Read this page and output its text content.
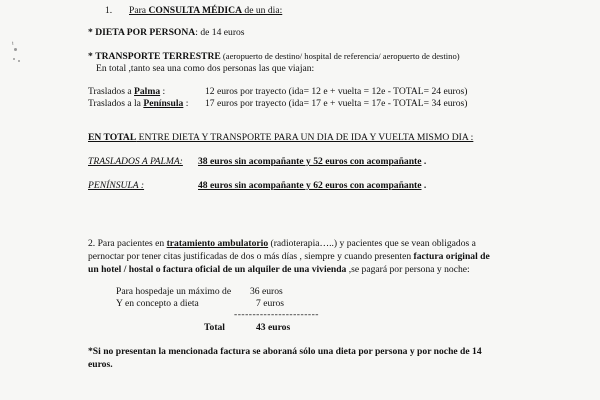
ⁱ
1. Para CONSULTA MÉDICA de un dia:
* DIETA POR PERSONA: de 14 euros
* TRANSPORTE TERRESTRE (aeropuerto de destino/ hospital de referencia/ aeropuerto de destino)
En total ,tanto sea una como dos personas las que viajan:
Traslados a Palma :	12 euros por trayecto (ida= 12 e + vuelta = 12e - TOTAL= 24 euros)
Traslados a la Península : 17 euros por trayecto (ida= 17 e + vuelta = 17e - TOTAL= 34 euros)
EN TOTAL ENTRE DIETA Y TRANSPORTE PARA UN DIA DE IDA Y VUELTA MISMO DIA :
TRASLADOS A PALMA: 38 euros sin acompañante y 52 euros con acompañante .
PENÍNSULA :	48 euros sin acompañante y 62 euros con acompañante .
2. Para pacientes en tratamiento ambulatorio (radioterapia…..) y pacientes que se vean obligados a
pernoctar por tener citas justificadas de dos o más días , siempre y cuando presenten factura original de
un hotel / hostal o factura oficial de un alquiler de una vivienda ,se pagará por persona y noche:
Para hospedaje un máximo de 36 euros
Y en concepto a dieta	7 euros
-----------------------
Total	43 euros
*Si no presentan la mencionada factura se aboraná sólo una dieta por persona y por noche de 14
euros.
